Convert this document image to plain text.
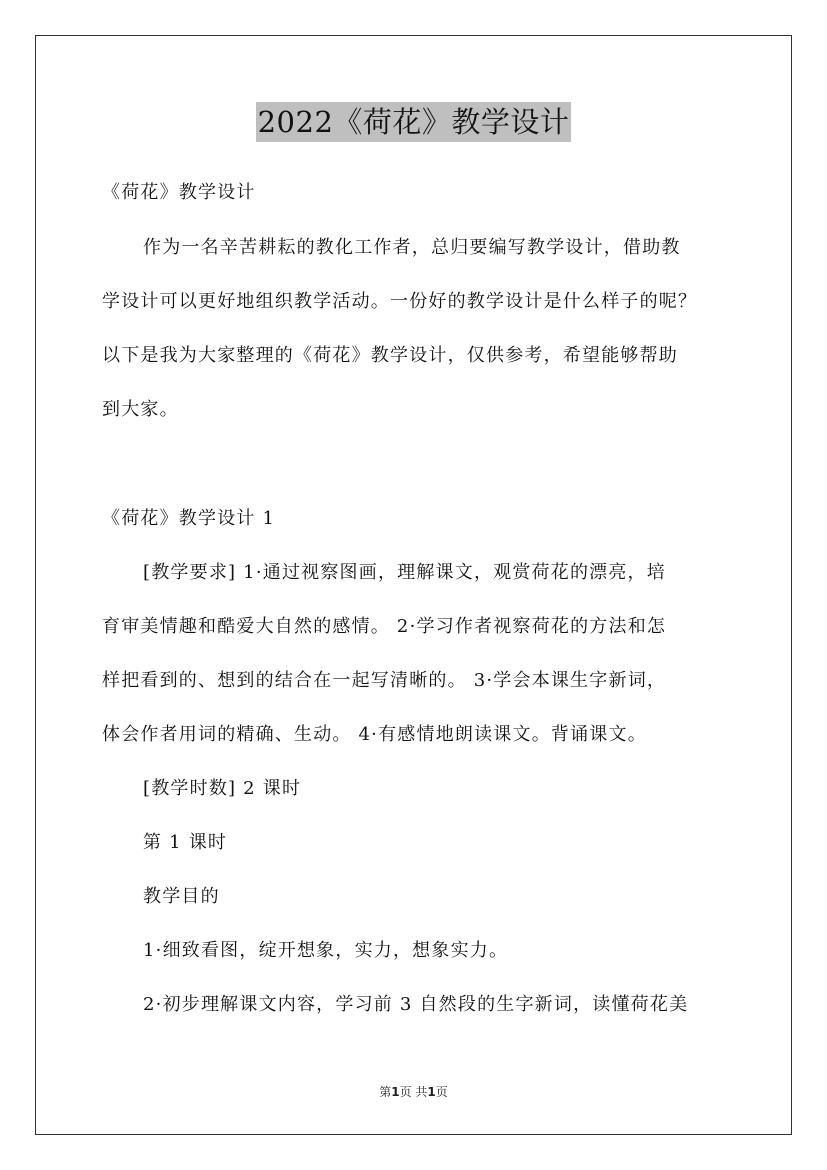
2022《荷花》教学设计
《荷花》教学设计
作为一名辛苦耕耘的教化工作者，总归要编写教学设计，借助教
学设计可以更好地组织教学活动。一份好的教学设计是什么样子的呢？
以下是我为大家整理的《荷花》教学设计，仅供参考，希望能够帮助
到大家。
《荷花》教学设计 1
[教学要求] 1·通过视察图画，理解课文，观赏荷花的漂亮，培
育审美情趣和酷爱大自然的感情。 2·学习作者视察荷花的方法和怎
样把看到的、想到的结合在一起写清晰的。 3·学会本课生字新词，
体会作者用词的精确、生动。 4·有感情地朗读课文。背诵课文。
[教学时数] 2 课时
第 1 课时
教学目的
1·细致看图，绽开想象，实力，想象实力。
2·初步理解课文内容，学习前 3 自然段的生字新词，读懂荷花美
第1页 共1页
